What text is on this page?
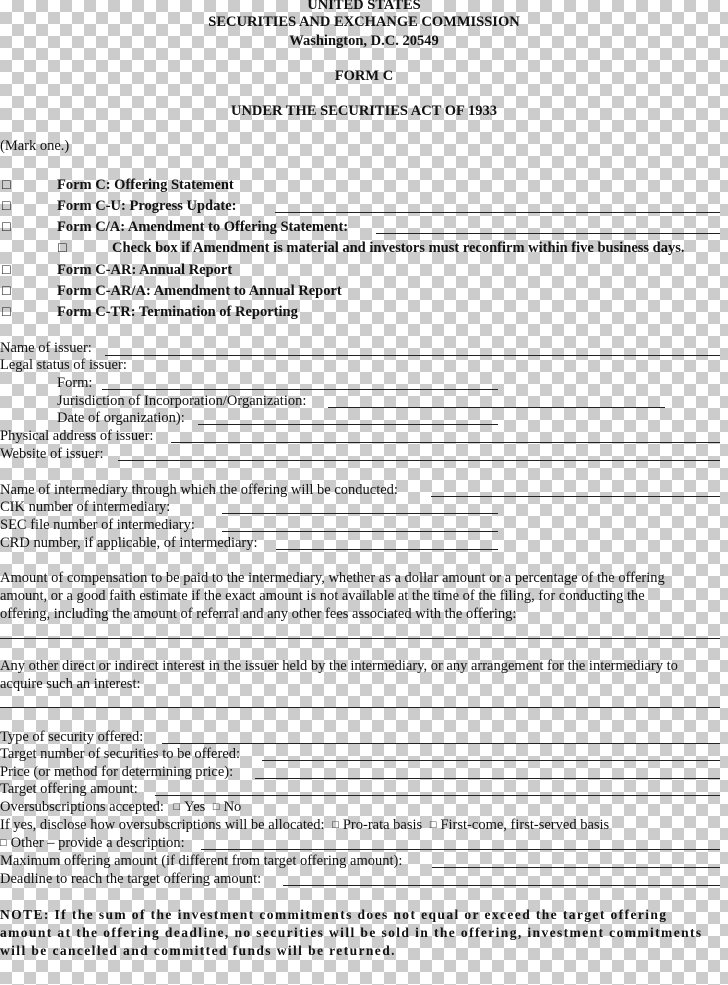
UNITED STATES
SECURITIES AND EXCHANGE COMMISSION
Washington, D.C. 20549
FORM C
UNDER THE SECURITIES ACT OF 1933
(Mark one.)
□	Form C: Offering Statement
□	Form C-U: Progress Update:
□	Form C/A: Amendment to Offering Statement:
□	Check box if Amendment is material and investors must reconfirm within five business days.
□	Form C-AR: Annual Report
□	Form C-AR/A: Amendment to Annual Report
□	Form C-TR: Termination of Reporting
Name of issuer:
Legal status of issuer:
Form:
Jurisdiction of Incorporation/Organization:
Date of organization):
Physical address of issuer:
Website of issuer:
Name of intermediary through which the offering will be conducted:
CIK number of intermediary:
SEC file number of intermediary:
CRD number, if applicable, of intermediary:
Amount of compensation to be paid to the intermediary, whether as a dollar amount or a percentage of the offering
amount, or a good faith estimate if the exact amount is not available at the time of the filing, for conducting the
offering, including the amount of referral and any other fees associated with the offering:
Any other direct or indirect interest in the issuer held by the intermediary, or any arrangement for the intermediary to
acquire such an interest:
Type of security offered:
Target number of securities to be offered:
Price (or method for determining price):
Target offering amount:
Oversubscriptions accepted: □ Yes □ No
If yes, disclose how oversubscriptions will be allocated: □ Pro-rata basis □ First-come, first-served basis
□ Other – provide a description:
Maximum offering amount (if different from target offering amount):
Deadline to reach the target offering amount:
NOTE: If the sum of the investment commitments does not equal or exceed the target offering
amount at the offering deadline, no securities will be sold in the offering, investment commitments
will be cancelled and committed funds will be returned.
